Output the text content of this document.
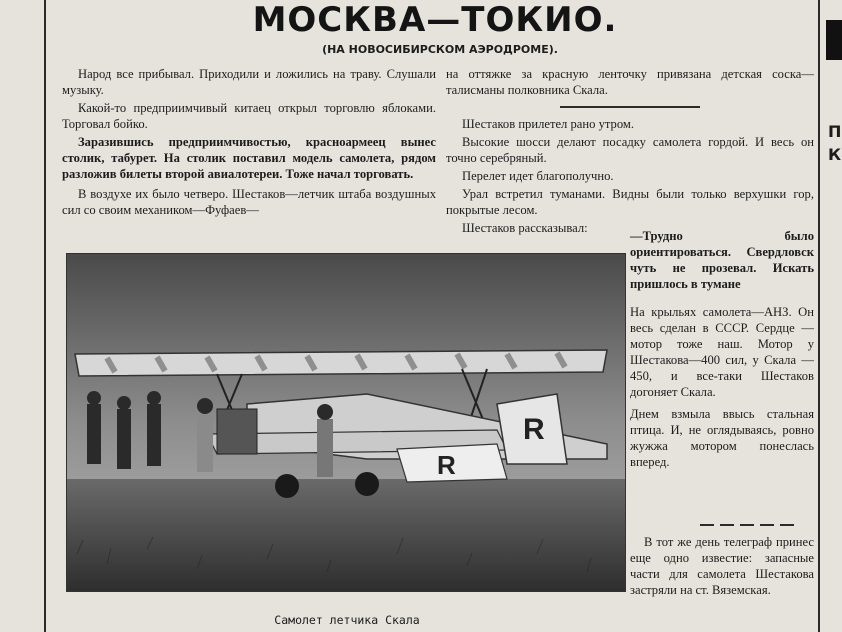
МОСКВА—ТОКИО.
(НА НОВОСИБИРСКОМ АЭРОДРОМЕ).

Народ все прибывал. Приходили и ложились на траву. Слушали музыку.

Какой-то предприимчивый китаец открыл торговлю яблоками. Торговал бойко.

Заразившись предприимчивостью, красноармеец вынес столик, табурет. На столик поставил модель самолета, рядом разложив билеты второй авиалотереи. Тоже начал торговать.

В воздухе их было четверо. Шестаков—летчик штаба воздушных сил со своим механиком—Фуфаев—

на оттяжке за красную ленточку привязана детская соска—талисманы полковника Скала.

Шестаков прилетел рано утром.

Высокие шосси делают посадку самолета гордой. И весь он точно серебряный.

Перелет идет благополучно.

Урал встретил туманами. Видны были только верхушки гор, покрытые лесом.

Шестаков рассказывал:

—Трудно было ориентироваться. Свердловск чуть не прозевал. Искать пришлось в тумане

На крыльях самолета—АНЗ. Он весь сделан в СССР. Сердце — мотор тоже наш. Мотор у Шестакова—400 сил, у Скала — 450, и все-таки Шестаков догоняет Скала.

Днем взмыла ввысь стальная птица. И, не оглядываясь, ровно жужжа мотором понеслась вперед.

В тот же день телеграф принес еще одно известие: запасные части для самолета Шестакова застряли на ст. Вяземская.

R
R
Самолет летчика Скала
П
К
